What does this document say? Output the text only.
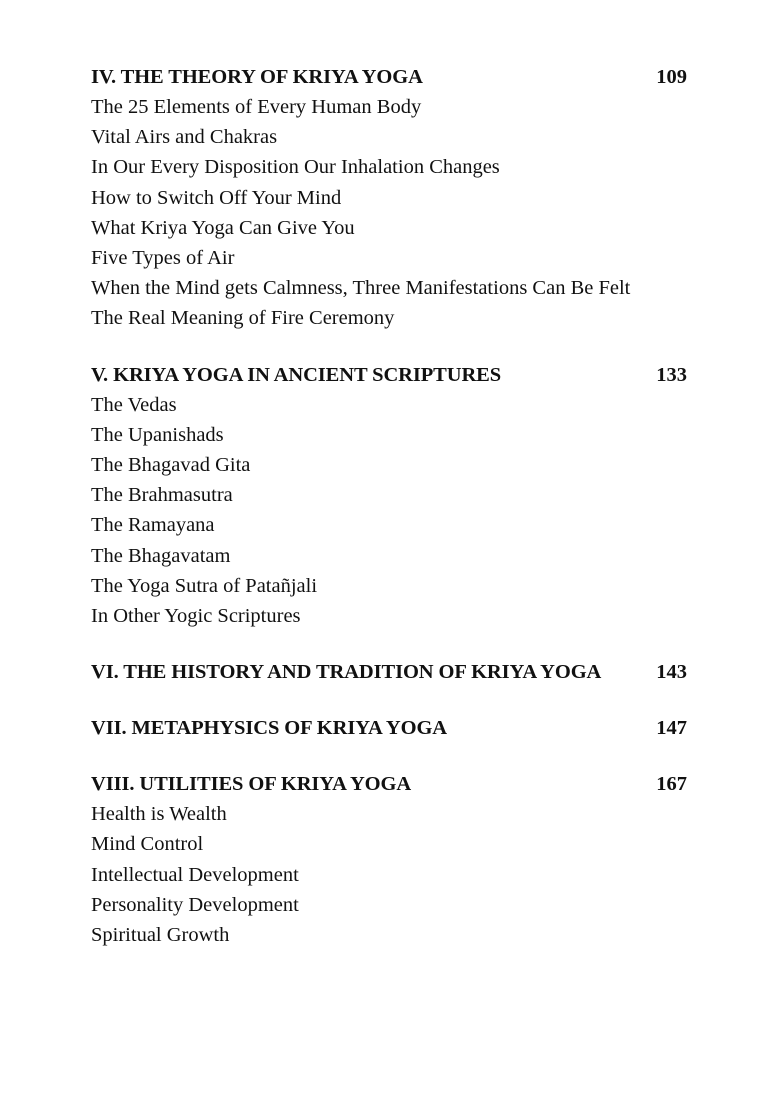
IV. THE THEORY OF KRIYA YOGA	109
The 25 Elements of Every Human Body
Vital Airs and Chakras
In Our Every Disposition Our Inhalation Changes
How to Switch Off Your Mind
What Kriya Yoga Can Give You
Five Types of Air
When the Mind gets Calmness, Three Manifestations Can Be Felt
The Real Meaning of Fire Ceremony
V. KRIYA YOGA IN ANCIENT SCRIPTURES	133
The Vedas
The Upanishads
The Bhagavad Gita
The Brahmasutra
The Ramayana
The Bhagavatam
The Yoga Sutra of Patañjali
In Other Yogic Scriptures
VI. THE HISTORY AND TRADITION OF KRIYA YOGA	143
VII. METAPHYSICS OF KRIYA YOGA	147
VIII. UTILITIES OF KRIYA YOGA	167
Health is Wealth
Mind Control
Intellectual Development
Personality Development
Spiritual Growth
